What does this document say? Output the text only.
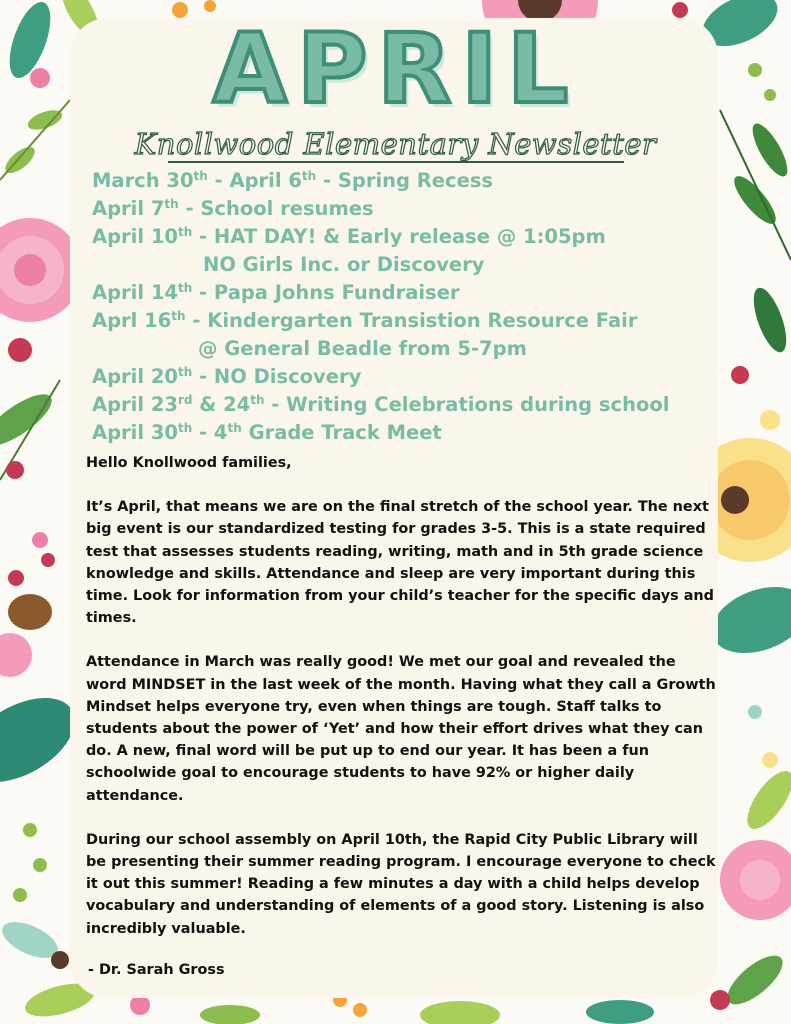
APRIL
Knollwood Elementary Newsletter
March 30th - April 6th - Spring Recess
April 7th - School resumes
April 10th - HAT DAY! & Early release @ 1:05pm
NO Girls Inc. or Discovery
April 14th - Papa Johns Fundraiser
Aprl 16th - Kindergarten Transistion Resource Fair
@ General Beadle from 5-7pm
April 20th - NO Discovery
April 23rd & 24th - Writing Celebrations during school
April 30th - 4th Grade Track Meet

Hello Knollwood families,

It’s April, that means we are on the final stretch of the school year. The next big event is our standardized testing for grades 3-5. This is a state required test that assesses students reading, writing, math and in 5th grade science knowledge and skills. Attendance and sleep are very important during this time. Look for information from your child’s teacher for the specific days and times.

Attendance in March was really good! We met our goal and revealed the word MINDSET in the last week of the month. Having what they call a Growth Mindset helps everyone try, even when things are tough. Staff talks to students about the power of ‘Yet’ and how their effort drives what they can do. A new, final word will be put up to end our year. It has been a fun schoolwide goal to encourage students to have 92% or higher daily attendance.

During our school assembly on April 10th, the Rapid City Public Library will be presenting their summer reading program. I encourage everyone to check it out this summer! Reading a few minutes a day with a child helps develop vocabulary and understanding of elements of a good story. Listening is also incredibly valuable.

- Dr. Sarah Gross
